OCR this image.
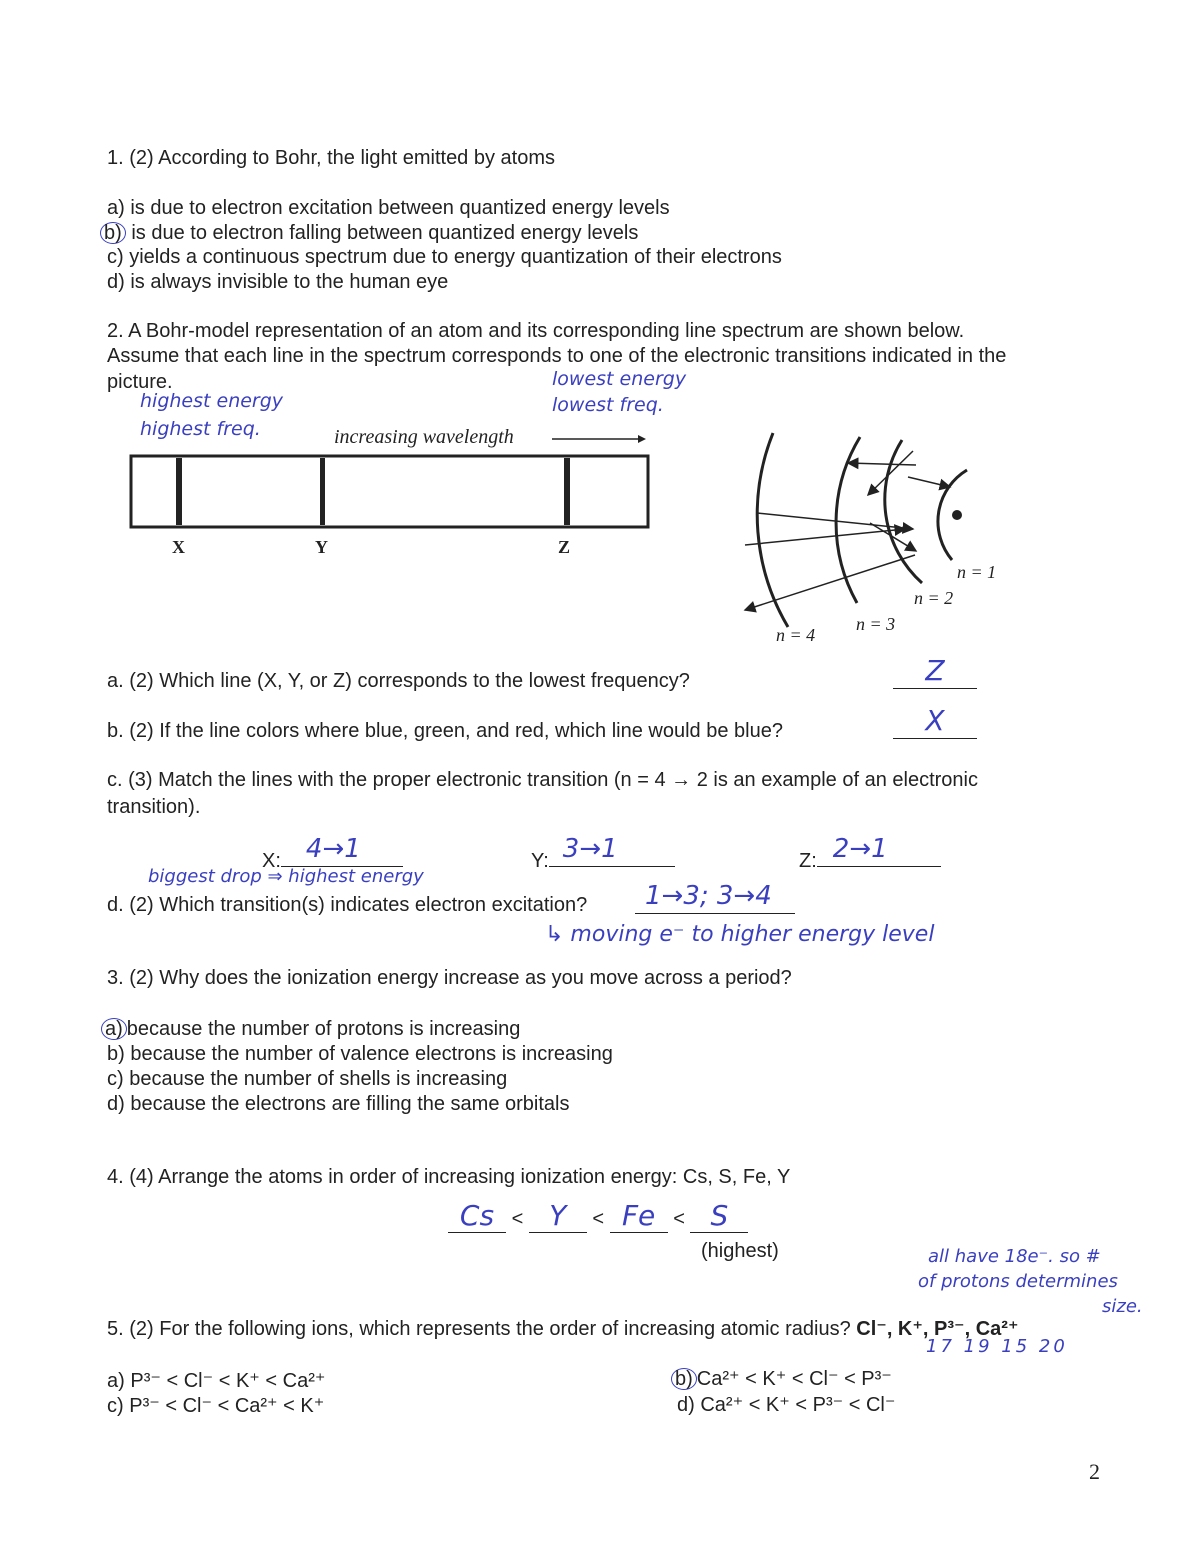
1. (2) According to Bohr, the light emitted by atoms
a) is due to electron excitation between quantized energy levels
b) is due to electron falling between quantized energy levels
c) yields a continuous spectrum due to energy quantization of their electrons
d) is always invisible to the human eye
2. A Bohr-model representation of an atom and its corresponding line spectrum are shown below.
Assume that each line in the spectrum corresponds to one of the electronic transitions indicated in the
picture.
highest energy
highest freq.
lowest energy
lowest freq.
increasing wavelength
X	Y	Z
n = 1
n = 2
n = 3
n = 4
a. (2) Which line (X, Y, or Z) corresponds to the lowest frequency?	Z
b. (2) If the line colors where blue, green, and red, which line would be blue?	X
c. (3) Match the lines with the proper electronic transition (n = 4 → 2 is an example of an electronic
transition).
X: 4→1	Y: 3→1	Z: 2→1
biggest drop ⇒ highest energy
d. (2) Which transition(s) indicates electron excitation? 1→3; 3→4
↳ moving e⁻ to higher energy level
3. (2) Why does the ionization energy increase as you move across a period?
a) because the number of protons is increasing
b) because the number of valence electrons is increasing
c) because the number of shells is increasing
d) because the electrons are filling the same orbitals
4. (4) Arrange the atoms in order of increasing ionization energy: Cs, S, Fe, Y
Cs < Y < Fe < S
(highest)	all have 18e⁻. so #
of protons determines
size.
17 19 15 20
5. (2) For the following ions, which represents the order of increasing atomic radius? Cl⁻, K⁺, P³⁻, Ca²⁺
a) P³⁻ < Cl⁻ < K⁺ < Ca²⁺
c) P³⁻ < Cl⁻ < Ca²⁺ < K⁺
b) Ca²⁺ < K⁺ < Cl⁻ < P³⁻
d) Ca²⁺ < K⁺ < P³⁻ < Cl⁻
2
